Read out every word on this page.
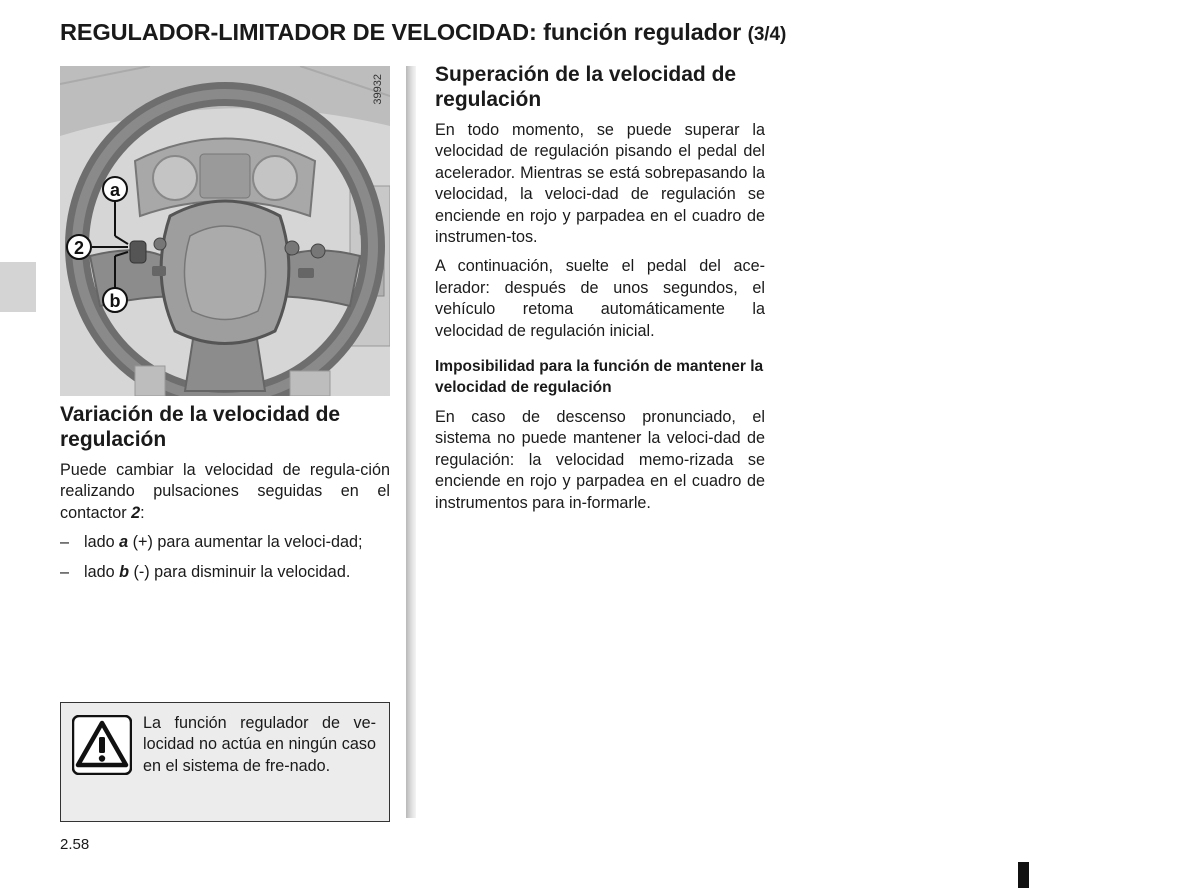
REGULADOR-LIMITADOR DE VELOCIDAD: función regulador (3/4)
a
2
b
39932
Variación de la velocidad de regulación

Puede cambiar la velocidad de regula-ción realizando pulsaciones seguidas en el contactor 2:

– lado a (+) para aumentar la veloci-dad;
– lado b (-) para disminuir la velocidad.
La función regulador de ve-locidad no actúa en ningún caso en el sistema de fre-nado.
Superación de la velocidad de regulación

En todo momento, se puede superar la velocidad de regulación pisando el pedal del acelerador. Mientras se está sobrepasando la velocidad, la veloci-dad de regulación se enciende en rojo y parpadea en el cuadro de instrumen-tos.

A continuación, suelte el pedal del ace-lerador: después de unos segundos, el vehículo retoma automáticamente la velocidad de regulación inicial.

Imposibilidad para la función de mantener la velocidad de regulación

En caso de descenso pronunciado, el sistema no puede mantener la veloci-dad de regulación: la velocidad memo-rizada se enciende en rojo y parpadea en el cuadro de instrumentos para in-formarle.

2.58
